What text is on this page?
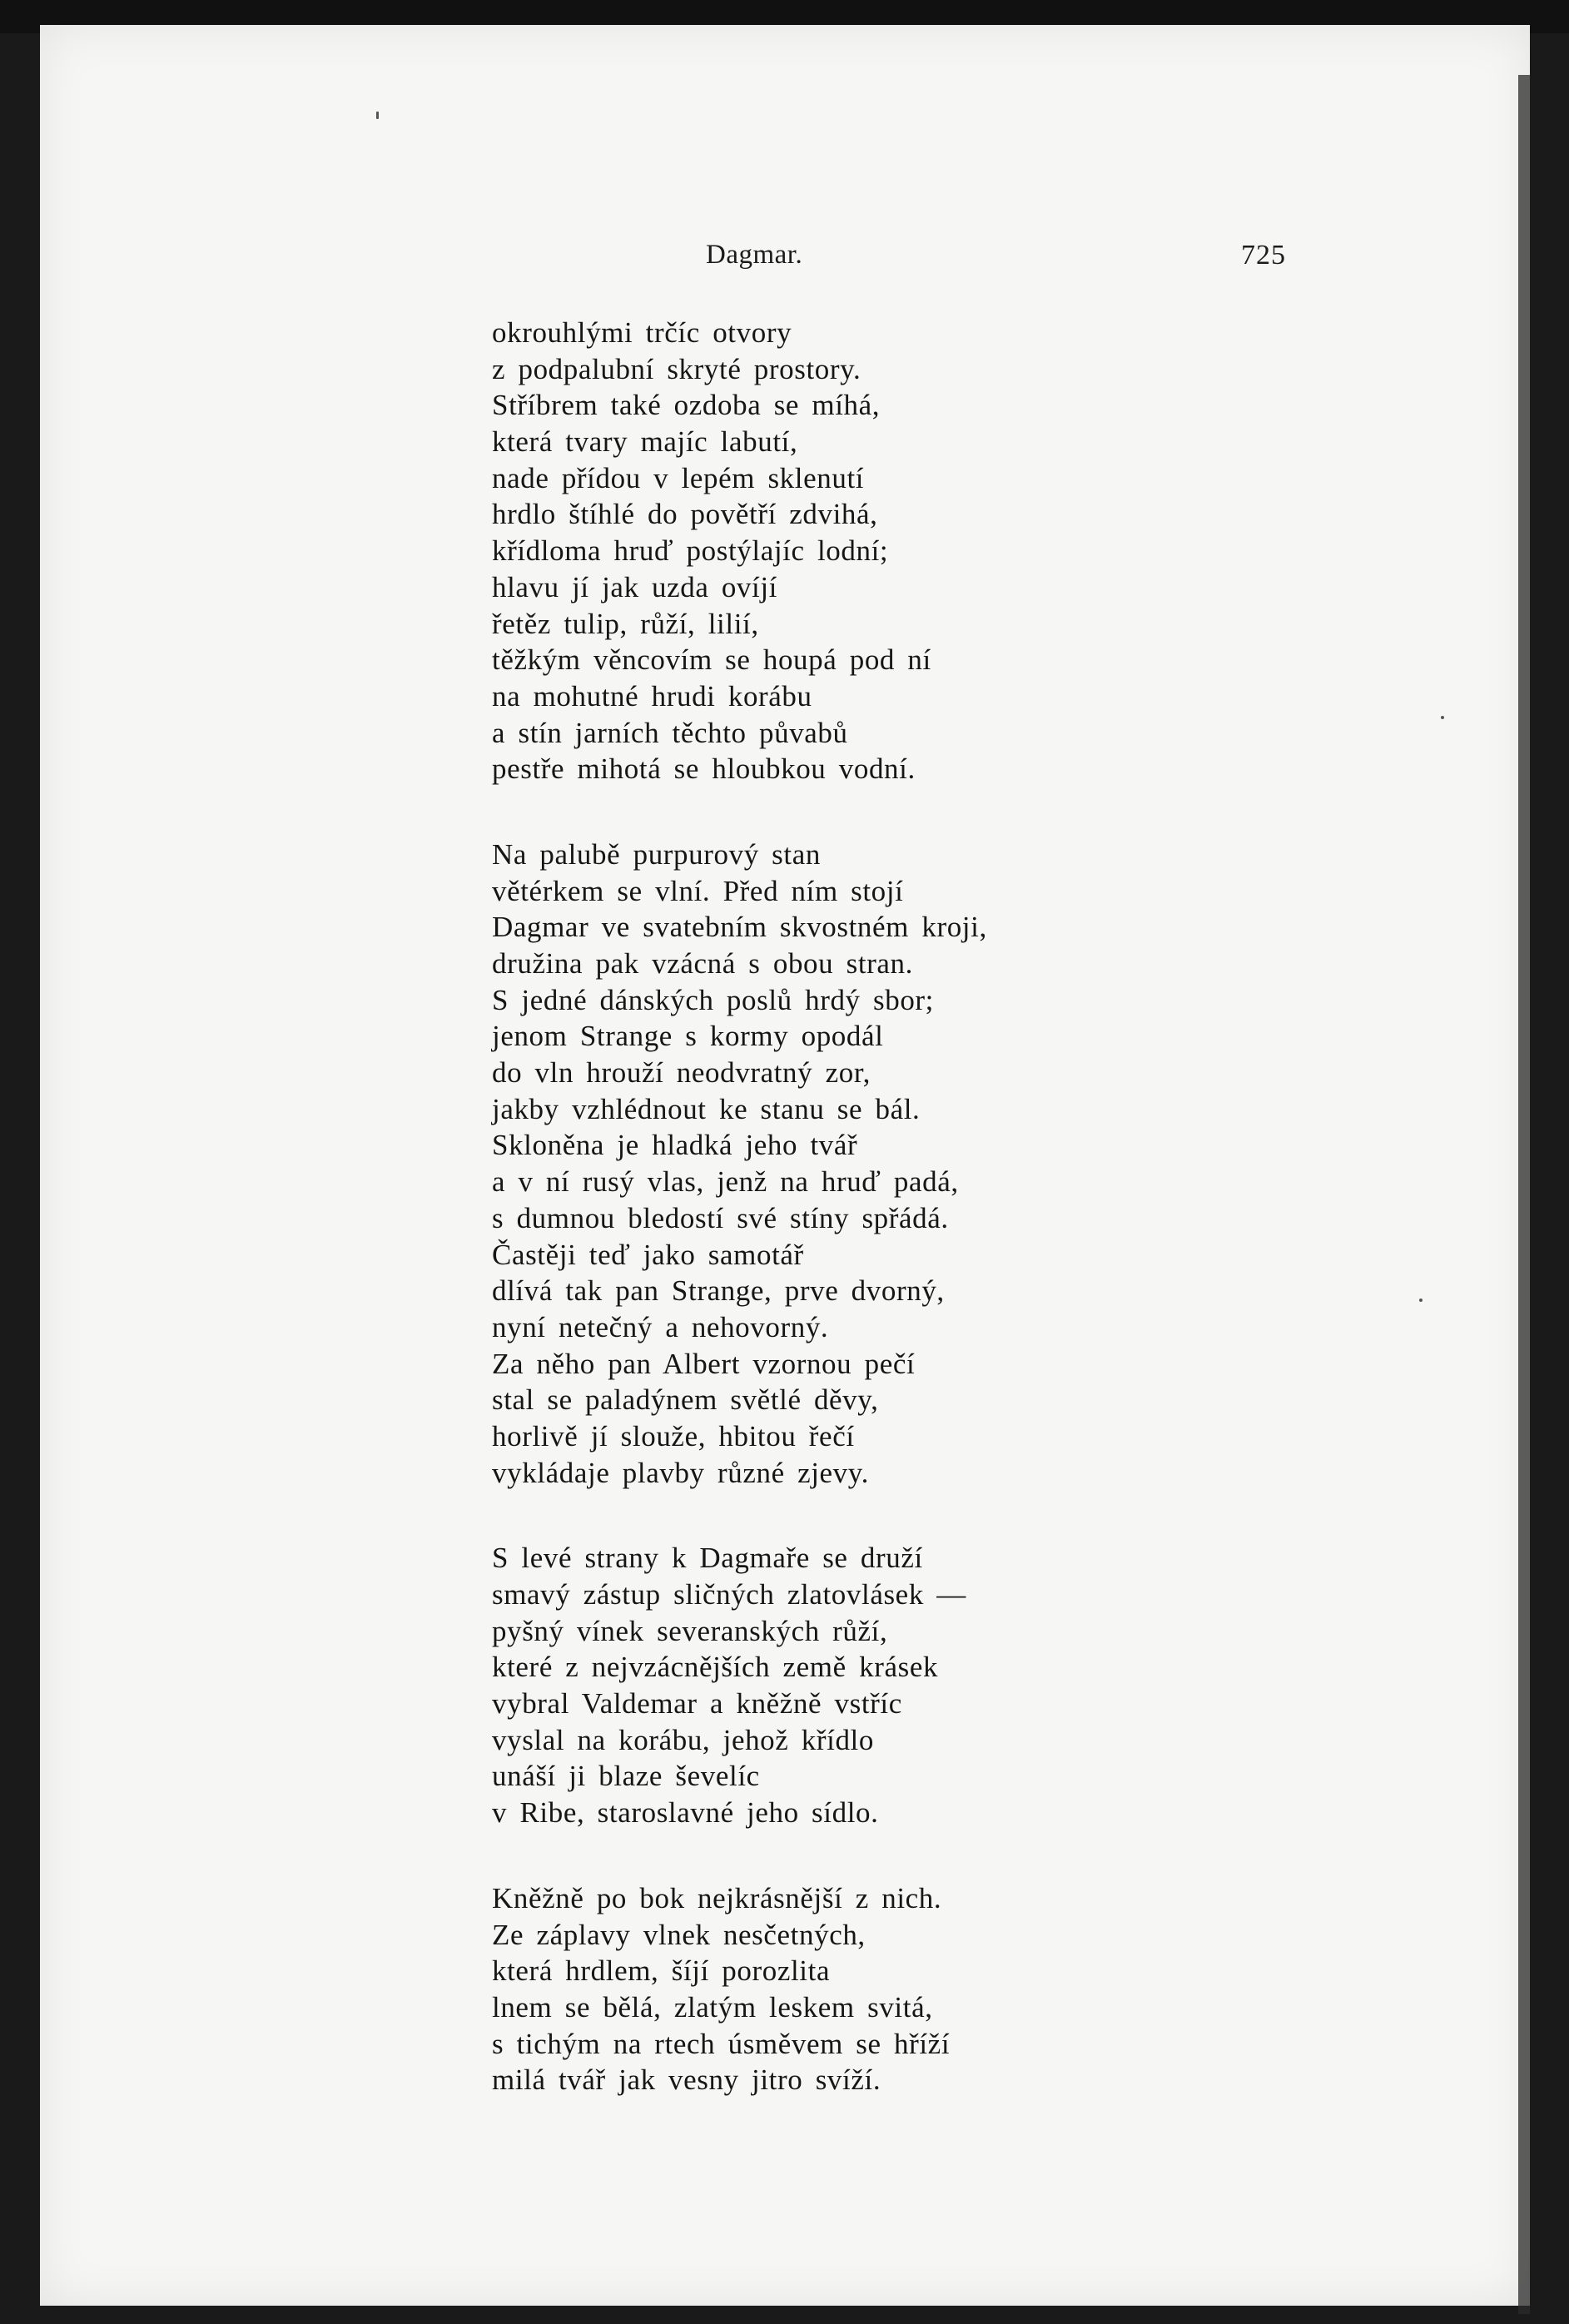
Dagmar.	725
okrouhlými trčíc otvory
z podpalubní skryté prostory.
Stříbrem také ozdoba se míhá,
která tvary majíc labutí,
nade přídou v lepém sklenutí
hrdlo štíhlé do povětří zdvihá,
křídloma hruď postýlajíc lodní;
hlavu jí jak uzda ovíjí
řetěz tulip, růží, lilií,
těžkým věncovím se houpá pod ní
na mohutné hrudi korábu
a stín jarních těchto půvabů
pestře mihotá se hloubkou vodní.
Na palubě purpurový stan
větérkem se vlní. Před ním stojí
Dagmar ve svatebním skvostném kroji,
družina pak vzácná s obou stran.
S jedné dánských poslů hrdý sbor;
jenom Strange s kormy opodál
do vln hrouží neodvratný zor,
jakby vzhlédnout ke stanu se bál.
Skloněna je hladká jeho tvář
a v ní rusý vlas, jenž na hruď padá,
s dumnou bledostí své stíny spřádá.
Častěji teď jako samotář
dlívá tak pan Strange, prve dvorný,
nyní netečný a nehovorný.
Za něho pan Albert vzornou pečí
stal se paladýnem světlé děvy,
horlivě jí slouže, hbitou řečí
vykládaje plavby různé zjevy.
S levé strany k Dagmaře se druží
smavý zástup sličných zlatovlásek —
pyšný vínek severanských růží,
které z nejvzácnějších země krásek
vybral Valdemar a kněžně vstříc
vyslal na korábu, jehož křídlo
unáší ji blaze ševelíc
v Ribe, staroslavné jeho sídlo.
Kněžně po bok nejkrásnější z nich.
Ze záplavy vlnek nesčetných,
která hrdlem, šíjí porozlita
lnem se bělá, zlatým leskem svitá,
s tichým na rtech úsměvem se hříží
milá tvář jak vesny jitro svíží.
